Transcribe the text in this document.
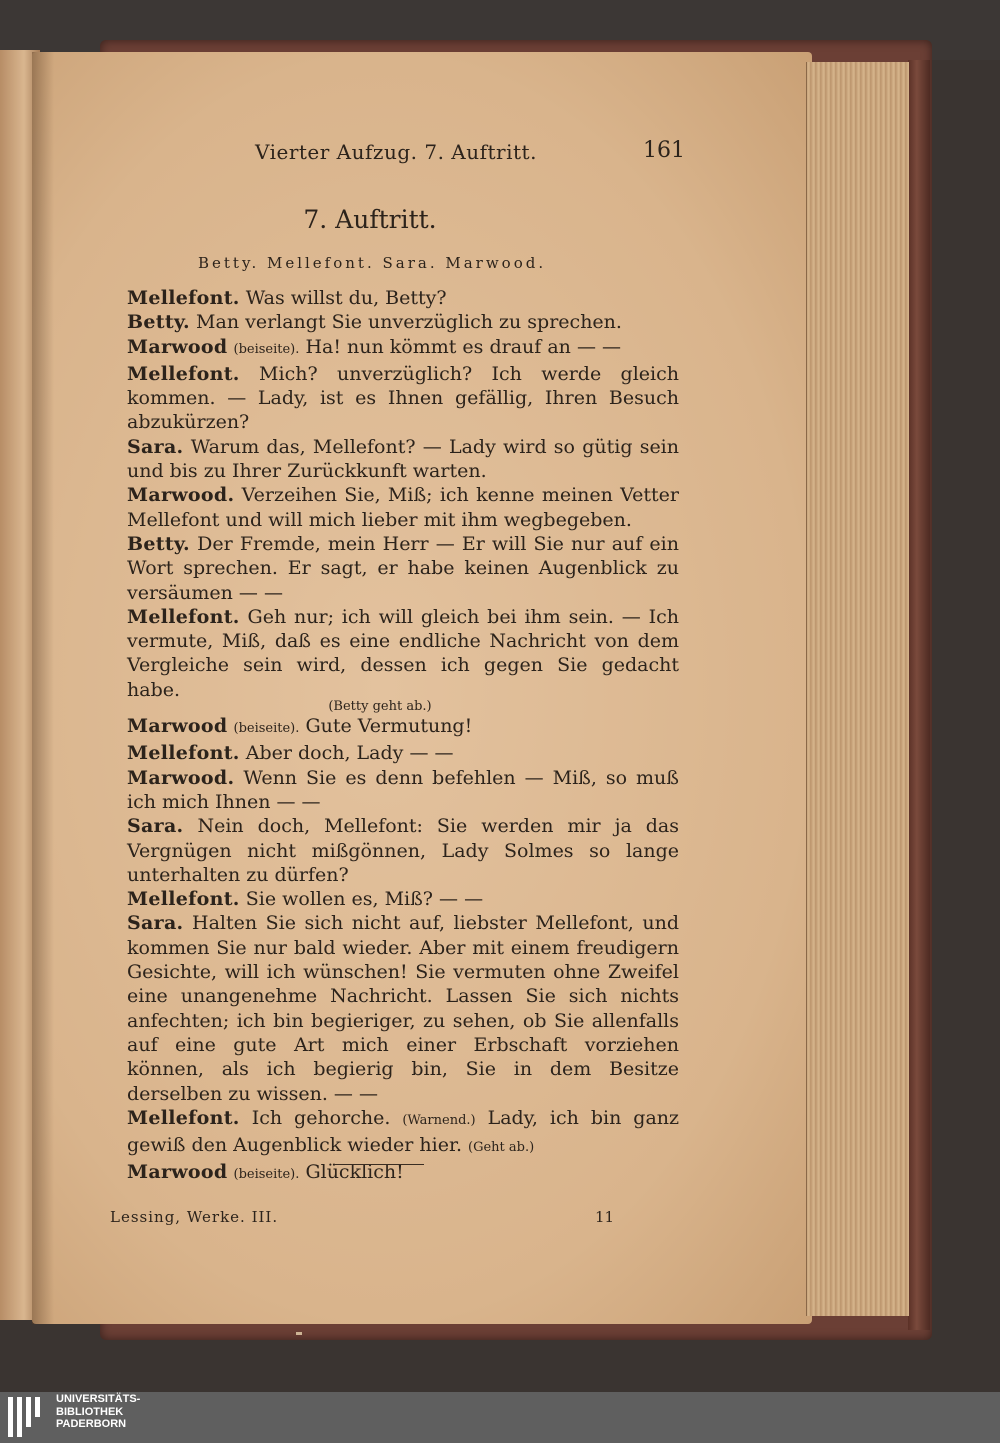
Vierter Aufzug. 7. Auftritt.	161
7. Auftritt.
Betty. Mellefont. Sara. Marwood.

Mellefont. Was willst du, Betty?

Betty. Man verlangt Sie unverzüglich zu sprechen.

Marwood (beiseite). Ha! nun kömmt es drauf an — —

Mellefont. Mich? unverzüglich? Ich werde gleich kommen. — Lady, ist es Ihnen gefällig, Ihren Besuch abzukürzen?

Sara. Warum das, Mellefont? — Lady wird so gütig sein und bis zu Ihrer Zurückkunft warten.

Marwood. Verzeihen Sie, Miß; ich kenne meinen Vetter Mellefont und will mich lieber mit ihm wegbegeben.

Betty. Der Fremde, mein Herr — Er will Sie nur auf ein Wort sprechen. Er sagt, er habe keinen Augenblick zu versäumen — —

Mellefont. Geh nur; ich will gleich bei ihm sein. — Ich vermute, Miß, daß es eine endliche Nachricht von dem Vergleiche sein wird, dessen ich gegen Sie gedacht habe.

(Betty geht ab.)

Marwood (beiseite). Gute Vermutung!

Mellefont. Aber doch, Lady — —

Marwood. Wenn Sie es denn befehlen — Miß, so muß ich mich Ihnen — —

Sara. Nein doch, Mellefont: Sie werden mir ja das Vergnügen nicht mißgönnen, Lady Solmes so lange unterhalten zu dürfen?

Mellefont. Sie wollen es, Miß? — —

Sara. Halten Sie sich nicht auf, liebster Mellefont, und kommen Sie nur bald wieder. Aber mit einem freudigern Gesichte, will ich wünschen! Sie vermuten ohne Zweifel eine unangenehme Nachricht. Lassen Sie sich nichts anfechten; ich bin begieriger, zu sehen, ob Sie allenfalls auf eine gute Art mich einer Erbschaft vorziehen können, als ich begierig bin, Sie in dem Besitze derselben zu wissen. — —

Mellefont. Ich gehorche. (Warnend.) Lady, ich bin ganz gewiß den Augenblick wieder hier. (Geht ab.)

Marwood (beiseite). Glücklich!

Lessing, Werke. III.	11
UNIVERSITÄTS-
BIBLIOTHEK
PADERBORN
